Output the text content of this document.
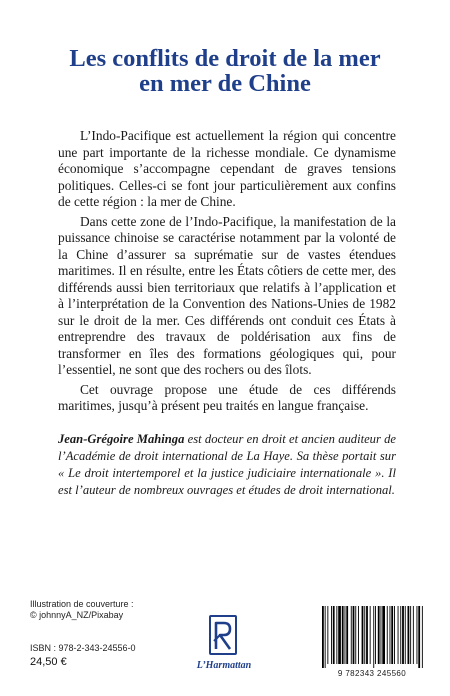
Les conflits de droit de la mer
en mer de Chine

L’Indo-Pacifique est actuellement la région qui concentre une part importante de la richesse mondiale. Ce dynamisme économique s’accompagne cependant de graves tensions politiques. Celles-ci se font jour particulièrement aux confins de cette région : la mer de Chine.

Dans cette zone de l’Indo-Pacifique, la manifestation de la puissance chinoise se caractérise notamment par la volonté de la Chine d’assurer sa suprématie sur de vastes étendues maritimes. Il en résulte, entre les États côtiers de cette mer, des différends aussi bien territoriaux que relatifs à l’application et à l’interprétation de la Convention des Nations-Unies de 1982 sur le droit de la mer. Ces différends ont conduit ces États à entreprendre des travaux de poldérisation aux fins de transformer en îles des formations géologiques qui, pour l’essentiel, ne sont que des rochers ou des îlots.

Cet ouvrage propose une étude de ces différends maritimes, jusqu’à présent peu traités en langue française.

Jean-Grégoire Mahinga est docteur en droit et ancien auditeur de l’Académie de droit international de La Haye. Sa thèse portait sur « Le droit intertemporel et la justice judiciaire internationale ». Il est l’auteur de nombreux ouvrages et études de droit international.
Illustration de couverture :
© johnnyA_NZ/Pixabay
ISBN : 978-2-343-24556-0
24,50 €	L’Harmattan
9 782343 245560
